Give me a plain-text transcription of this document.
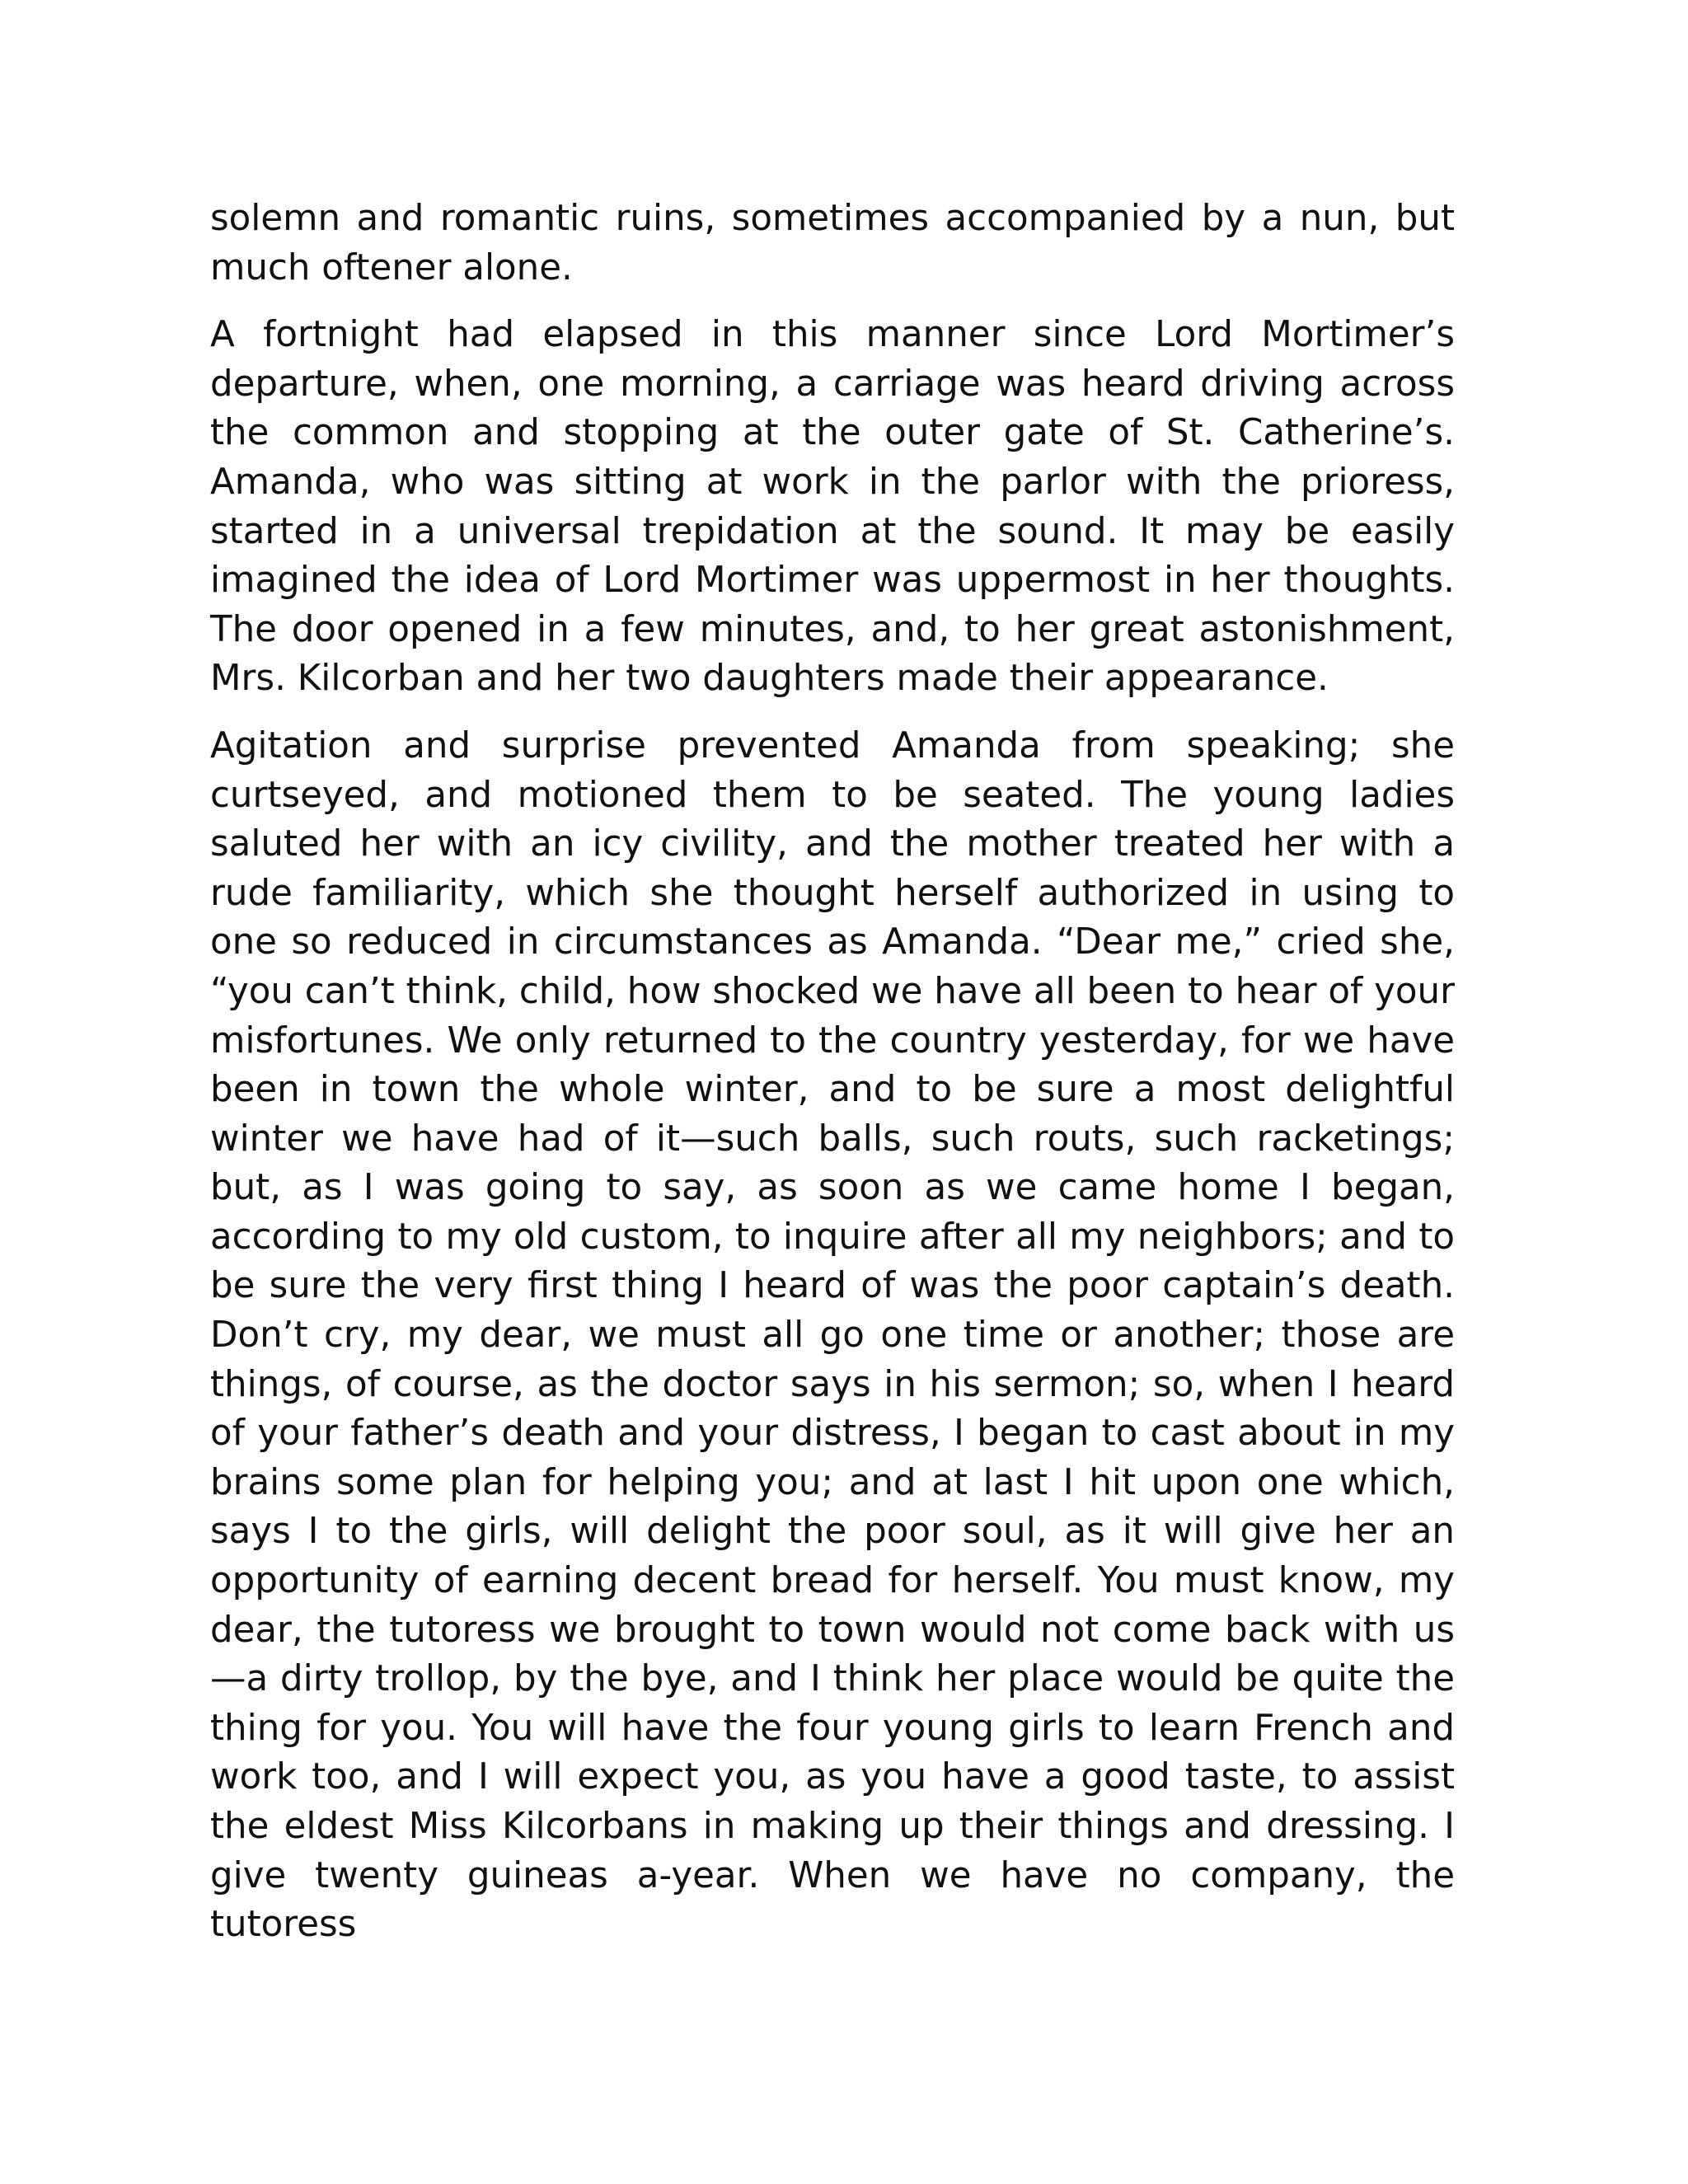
solemn and romantic ruins, sometimes accompanied by a nun, but much oftener alone.

A fortnight had elapsed in this manner since Lord Mortimer’s departure, when, one morning, a carriage was heard driving across the common and stopping at the outer gate of St. Catherine’s. Amanda, who was sitting at work in the parlor with the prioress, started in a universal trepidation at the sound. It may be easily imagined the idea of Lord Mortimer was uppermost in her thoughts. The door opened in a few minutes, and, to her great astonishment, Mrs. Kilcorban and her two daughters made their appearance.

Agitation and surprise prevented Amanda from speaking; she curtseyed, and motioned them to be seated. The young ladies saluted her with an icy civility, and the mother treated her with a rude familiarity, which she thought herself authorized in using to one so reduced in circumstances as Amanda. “Dear me,” cried she, “you can’t think, child, how shocked we have all been to hear of your misfortunes. We only returned to the country yesterday, for we have been in town the whole winter, and to be sure a most delightful winter we have had of it—such balls, such routs, such racketings; but, as I was going to say, as soon as we came home I began, according to my old custom, to inquire after all my neighbors; and to be sure the very first thing I heard of was the poor captain’s death. Don’t cry, my dear, we must all go one time or another; those are things, of course, as the doctor says in his sermon; so, when I heard of your father’s death and your distress, I began to cast about in my brains some plan for helping you; and at last I hit upon one which, says I to the girls, will delight the poor soul, as it will give her an opportunity of earning decent bread for herself. You must know, my dear, the tutoress we brought to town would not come back with us —a dirty trollop, by the bye, and I think her place would be quite the thing for you. You will have the four young girls to learn French and work too, and I will expect you, as you have a good taste, to assist the eldest Miss Kilcorbans in making up their things and dressing. I give twenty guineas a-year. When we have no company, the tutoress
